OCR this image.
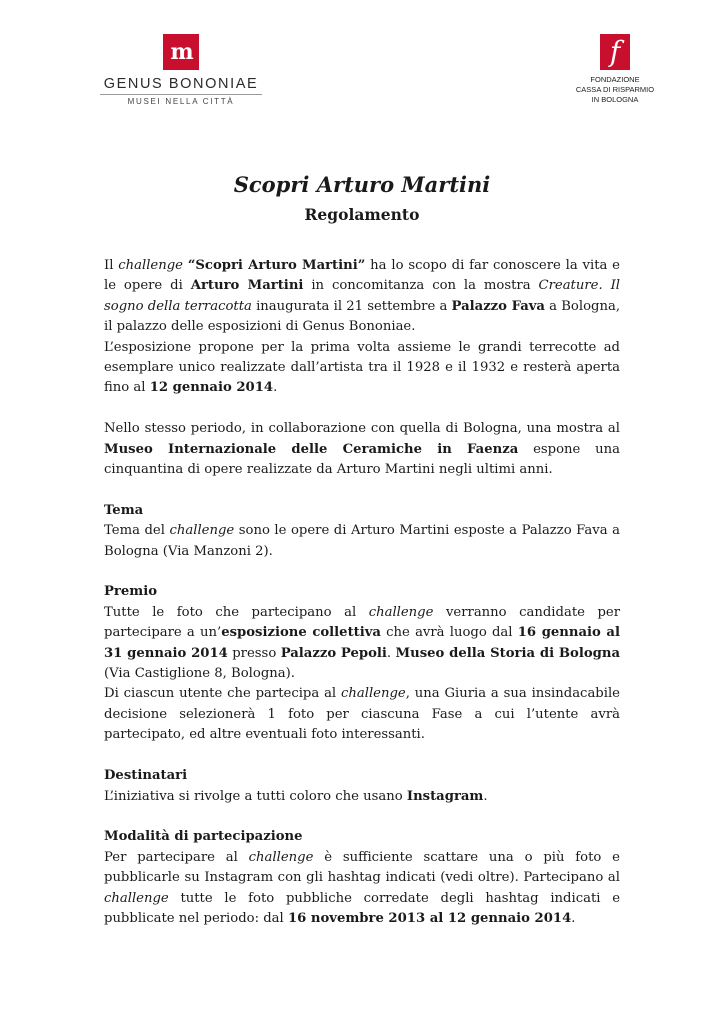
m
GENUS BONONIAE
MUSEI NELLA CITTÀ
f
FONDAZIONE
CASSA DI RISPARMIO
IN BOLOGNA
Scopri Arturo Martini
Regolamento

Il challenge “Scopri Arturo Martini” ha lo scopo di far conoscere la vita e le opere di Arturo Martini in concomitanza con la mostra Creature. Il sogno della terracotta inaugurata il 21 settembre a Palazzo Fava a Bologna, il palazzo delle esposizioni di Genus Bononiae.

L’esposizione propone per la prima volta assieme le grandi terrecotte ad esemplare unico realizzate dall’artista tra il 1928 e il 1932 e resterà aperta fino al 12 gennaio 2014.

Nello stesso periodo, in collaborazione con quella di Bologna, una mostra al Museo Internazionale delle Ceramiche in Faenza espone una cinquantina di opere realizzate da Arturo Martini negli ultimi anni.

Tema

Tema del challenge sono le opere di Arturo Martini esposte a Palazzo Fava a Bologna (Via Manzoni 2).

Premio

Tutte le foto che partecipano al challenge verranno candidate per partecipare a un’esposizione collettiva che avrà luogo dal 16 gennaio al 31 gennaio 2014 presso Palazzo Pepoli. Museo della Storia di Bologna (Via Castiglione 8, Bologna).

Di ciascun utente che partecipa al challenge, una Giuria a sua insindacabile decisione selezionerà 1 foto per ciascuna Fase a cui l’utente avrà partecipato, ed altre eventuali foto interessanti.

Destinatari

L’iniziativa si rivolge a tutti coloro che usano Instagram.

Modalità di partecipazione

Per partecipare al challenge è sufficiente scattare una o più foto e pubblicarle su Instagram con gli hashtag indicati (vedi oltre). Partecipano al challenge tutte le foto pubbliche corredate degli hashtag indicati e pubblicate nel periodo: dal 16 novembre 2013 al 12 gennaio 2014.
